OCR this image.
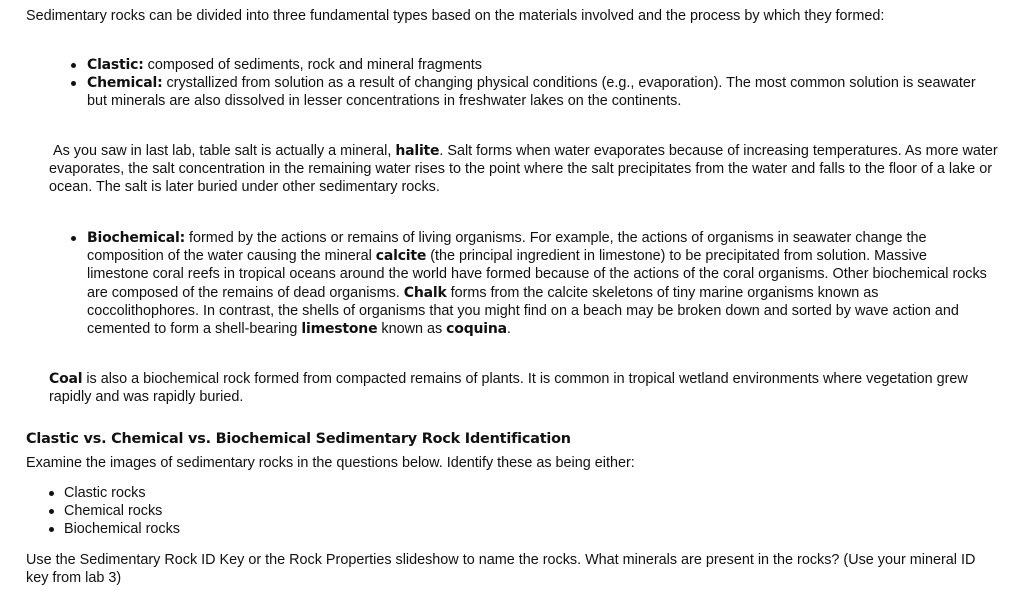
Sedimentary rocks can be divided into three fundamental types based on the materials involved and the process by which they formed:

Clastic: composed of sediments, rock and mineral fragments
Chemical: crystallized from solution as a result of changing physical conditions (e.g., evaporation). The most common solution is seawater but minerals are also dissolved in lesser concentrations in freshwater lakes on the continents.

As you saw in last lab, table salt is actually a mineral, halite. Salt forms when water evaporates because of increasing temperatures. As more water evaporates, the salt concentration in the remaining water rises to the point where the salt precipitates from the water and falls to the floor of a lake or ocean. The salt is later buried under other sedimentary rocks.

Biochemical: formed by the actions or remains of living organisms. For example, the actions of organisms in seawater change the composition of the water causing the mineral calcite (the principal ingredient in limestone) to be precipitated from solution. Massive limestone coral reefs in tropical oceans around the world have formed because of the actions of the coral organisms. Other biochemical rocks are composed of the remains of dead organisms. Chalk forms from the calcite skeletons of tiny marine organisms known as coccolithophores. In contrast, the shells of organisms that you might find on a beach may be broken down and sorted by wave action and cemented to form a shell-bearing limestone known as coquina.

Coal is also a biochemical rock formed from compacted remains of plants. It is common in tropical wetland environments where vegetation grew rapidly and was rapidly buried.

Clastic vs. Chemical vs. Biochemical Sedimentary Rock Identification

Examine the images of sedimentary rocks in the questions below. Identify these as being either:

Clastic rocks
Chemical rocks
Biochemical rocks

Use the Sedimentary Rock ID Key or the Rock Properties slideshow to name the rocks. What minerals are present in the rocks? (Use your mineral ID key from lab 3)
